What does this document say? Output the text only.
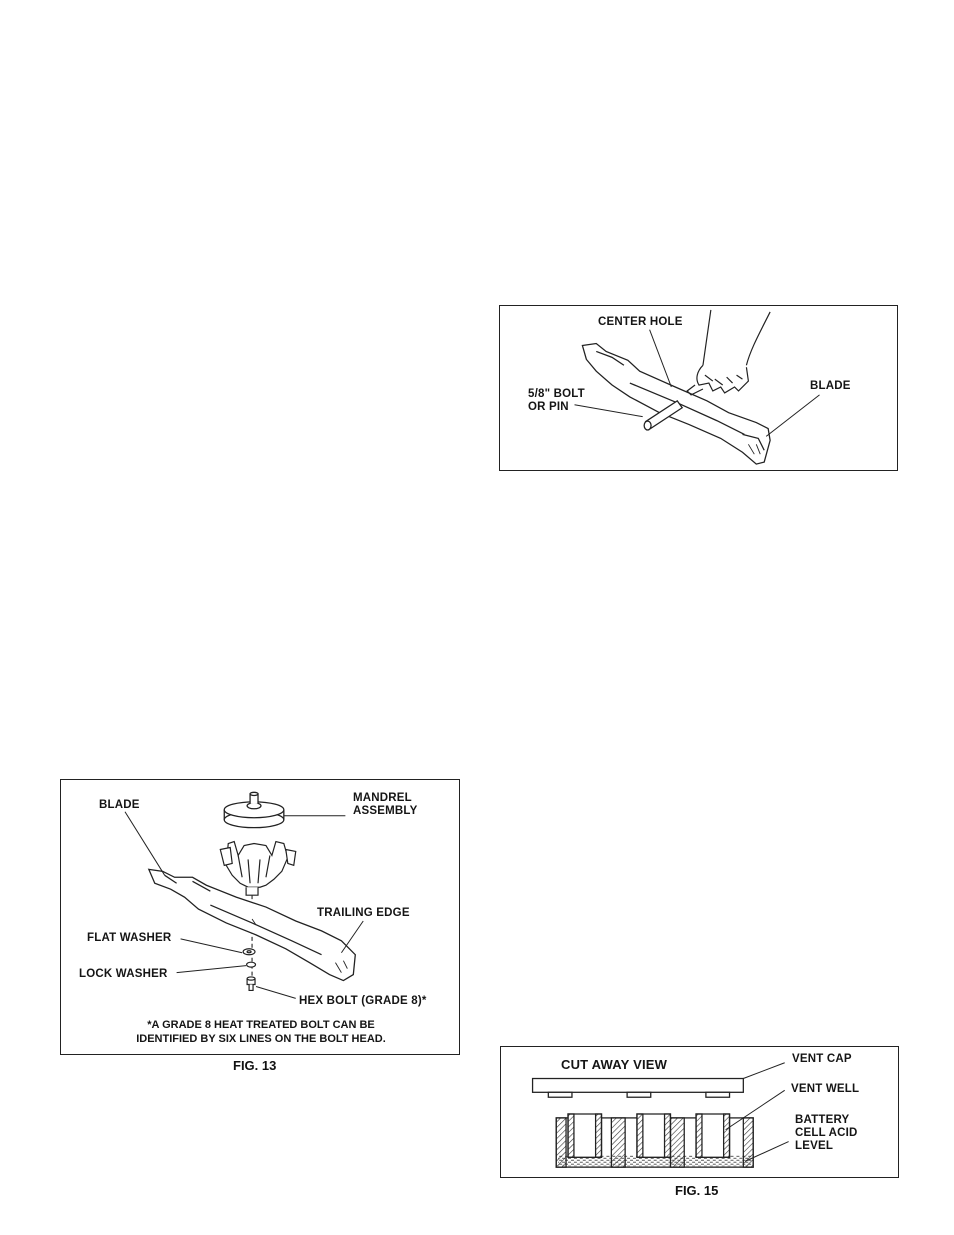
CENTER HOLE
5/8" BOLT
OR PIN
BLADE
BLADE
MANDREL
ASSEMBLY
TRAILING EDGE
FLAT WASHER
LOCK WASHER
HEX BOLT (GRADE 8)*
*A GRADE 8 HEAT TREATED BOLT CAN BE
IDENTIFIED BY SIX LINES ON THE BOLT HEAD.
FIG. 13	CUT AWAY VIEW	VENT CAP
VENT WELL
BATTERY
CELL ACID
LEVEL
FIG. 15
